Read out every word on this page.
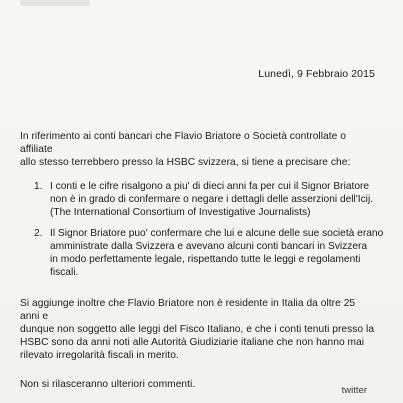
Lunedì, 9 Febbraio 2015
In riferimento ai conti bancari che Flavio Briatore o Società controllate o affiliate
allo stesso terrebbero presso la HSBC svizzera, si tiene a precisare che:
1. I conti e le cifre risalgono a piu' di dieci anni fa per cui il Signor Briatore
non è in grado di confermare o negare i dettagli delle asserzioni dell'Icij.
(The International Consortium of Investigative Journalists)
2. Il Signor Briatore puo' confermare che lui e alcune delle sue società erano
amministrate dalla Svizzera e avevano alcuni conti bancari in Svizzera
in modo perfettamente legale, rispettando tutte le leggi e regolamenti
fiscali.
Si aggiunge inoltre che Flavio Briatore non è residente in Italia da oltre 25 anni e
dunque non soggetto alle leggi del Fisco Italiano, e che i conti tenuti presso la
HSBC sono da anni noti alle Autorità Giudiziarie italiane che non hanno mai
rilevato irregolarità fiscali in merito.
Non si rilasceranno ulteriori commenti.
twitter
